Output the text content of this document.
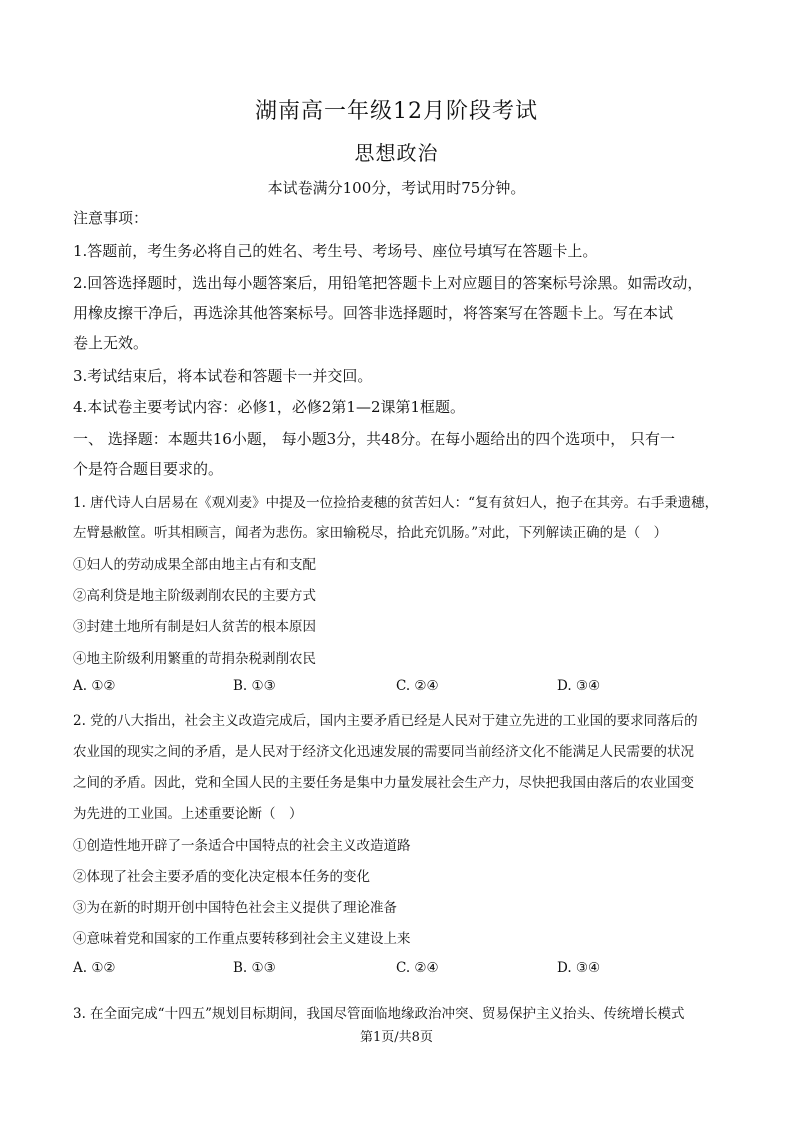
湖南高一年级12月阶段考试
思想政治
本试卷满分100分，考试用时75分钟。
注意事项：
1.答题前，考生务必将自己的姓名、考生号、考场号、座位号填写在答题卡上。
2.回答选择题时，选出每小题答案后，用铅笔把答题卡上对应题目的答案标号涂黑。如需改动，
用橡皮擦干净后，再选涂其他答案标号。回答非选择题时，将答案写在答题卡上。写在本试
卷上无效。
3.考试结束后，将本试卷和答题卡一并交回。
4.本试卷主要考试内容：必修1，必修2第1—2课第1框题。
一、 选择题：本题共16小题， 每小题3分，共48分。在每小题给出的四个选项中， 只有一
个是符合题目要求的。
1. 唐代诗人白居易在《观刈麦》中提及一位捡拾麦穗的贫苦妇人：“复有贫妇人，抱子在其旁。右手秉遗穗，
左臂悬敝筐。听其相顾言，闻者为悲伤。家田输税尽，拾此充饥肠。”对此，下列解读正确的是（　）
①妇人的劳动成果全部由地主占有和支配
②高利贷是地主阶级剥削农民的主要方式
③封建土地所有制是妇人贫苦的根本原因
④地主阶级利用繁重的苛捐杂税剥削农民
A. ①②	B. ①③	C. ②④	D. ③④
2. 党的八大指出，社会主义改造完成后，国内主要矛盾已经是人民对于建立先进的工业国的要求同落后的
农业国的现实之间的矛盾，是人民对于经济文化迅速发展的需要同当前经济文化不能满足人民需要的状况
之间的矛盾。因此，党和全国人民的主要任务是集中力量发展社会生产力，尽快把我国由落后的农业国变
为先进的工业国。上述重要论断（　）
①创造性地开辟了一条适合中国特点的社会主义改造道路
②体现了社会主要矛盾的变化决定根本任务的变化
③为在新的时期开创中国特色社会主义提供了理论准备
④意味着党和国家的工作重点要转移到社会主义建设上来
A. ①②	B. ①③	C. ②④	D. ③④
3. 在全面完成“十四五”规划目标期间，我国尽管面临地缘政治冲突、贸易保护主义抬头、传统增长模式
第1页/共8页
